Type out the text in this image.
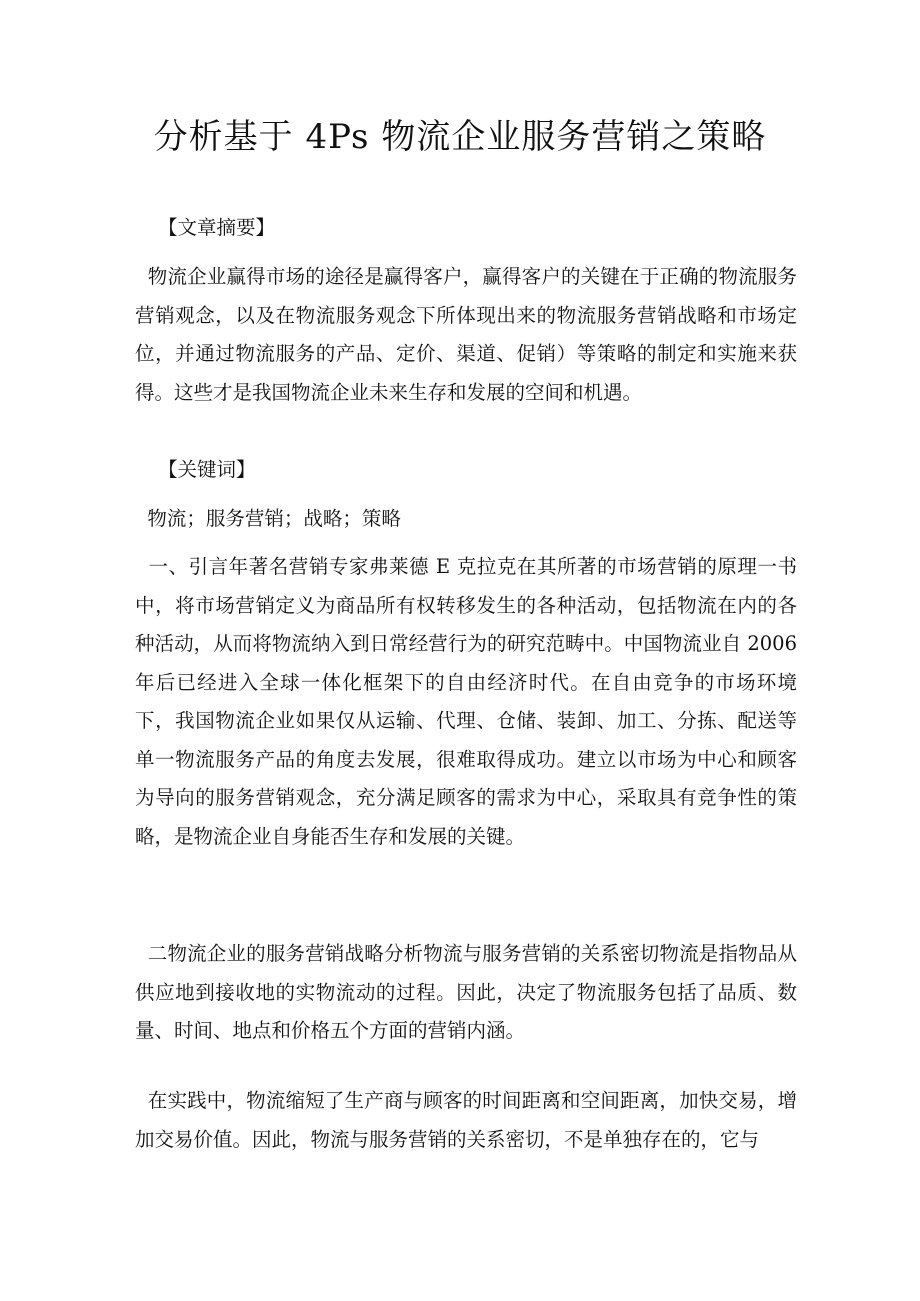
分析基于 4Ps 物流企业服务营销之策略

【文章摘要】

物流企业赢得市场的途径是赢得客户，赢得客户的关键在于正确的物流服务营销观念，以及在物流服务观念下所体现出来的物流服务营销战略和市场定位，并通过物流服务的产品、定价、渠道、促销）等策略的制定和实施来获得。这些才是我国物流企业未来生存和发展的空间和机遇。

【关键词】

物流；服务营销；战略；策略

一、引言年著名营销专家弗莱德 E 克拉克在其所著的市场营销的原理一书中，将市场营销定义为商品所有权转移发生的各种活动，包括物流在内的各种活动，从而将物流纳入到日常经营行为的研究范畴中。中国物流业自 2006 年后已经进入全球一体化框架下的自由经济时代。在自由竞争的市场环境下，我国物流企业如果仅从运输、代理、仓储、装卸、加工、分拣、配送等单一物流服务产品的角度去发展，很难取得成功。建立以市场为中心和顾客为导向的服务营销观念，充分满足顾客的需求为中心，采取具有竞争性的策略，是物流企业自身能否生存和发展的关键。

二物流企业的服务营销战略分析物流与服务营销的关系密切物流是指物品从供应地到接收地的实物流动的过程。因此，决定了物流服务包括了品质、数量、时间、地点和价格五个方面的营销内涵。

在实践中，物流缩短了生产商与顾客的时间距离和空间距离，加快交易，增加交易价值。因此，物流与服务营销的关系密切，不是单独存在的，它与
